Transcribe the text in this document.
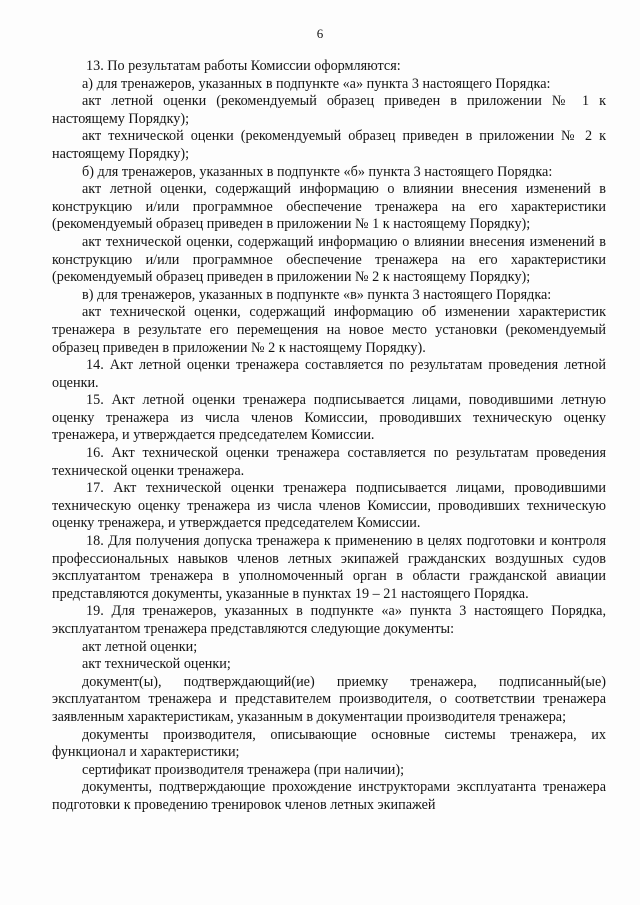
6

13. По результатам работы Комиссии оформляются:

а) для тренажеров, указанных в подпункте «а» пункта 3 настоящего Порядка:

акт летной оценки (рекомендуемый образец приведен в приложении № 1 к настоящему Порядку);

акт технической оценки (рекомендуемый образец приведен в приложении № 2 к настоящему Порядку);

б) для тренажеров, указанных в подпункте «б» пункта 3 настоящего Порядка:

акт летной оценки, содержащий информацию о влиянии внесения изменений в конструкцию и/или программное обеспечение тренажера на его характеристики (рекомендуемый образец приведен в приложении № 1 к настоящему Порядку);

акт технической оценки, содержащий информацию о влиянии внесения изменений в конструкцию и/или программное обеспечение тренажера на его характеристики (рекомендуемый образец приведен в приложении № 2 к настоящему Порядку);

в) для тренажеров, указанных в подпункте «в» пункта 3 настоящего Порядка:

акт технической оценки, содержащий информацию об изменении характеристик тренажера в результате его перемещения на новое место установки (рекомендуемый образец приведен в приложении № 2 к настоящему Порядку).

14. Акт летной оценки тренажера составляется по результатам проведения летной оценки.

15. Акт летной оценки тренажера подписывается лицами, поводившими летную оценку тренажера из числа членов Комиссии, проводивших техническую оценку тренажера, и утверждается председателем Комиссии.

16. Акт технической оценки тренажера составляется по результатам проведения технической оценки тренажера.

17. Акт технической оценки тренажера подписывается лицами, проводившими техническую оценку тренажера из числа членов Комиссии, проводивших техническую оценку тренажера, и утверждается председателем Комиссии.

18. Для получения допуска тренажера к применению в целях подготовки и контроля профессиональных навыков членов летных экипажей гражданских воздушных судов эксплуатантом тренажера в уполномоченный орган в области гражданской авиации представляются документы, указанные в пунктах 19 – 21 настоящего Порядка.

19. Для тренажеров, указанных в подпункте «а» пункта 3 настоящего Порядка, эксплуатантом тренажера представляются следующие документы:

акт летной оценки;

акт технической оценки;

документ(ы), подтверждающий(ие) приемку тренажера, подписанный(ые) эксплуатантом тренажера и представителем производителя, о соответствии тренажера заявленным характеристикам, указанным в документации производителя тренажера;

документы производителя, описывающие основные системы тренажера, их функционал и характеристики;

сертификат производителя тренажера (при наличии);

документы, подтверждающие прохождение инструкторами эксплуатанта тренажера подготовки к проведению тренировок членов летных экипажей
